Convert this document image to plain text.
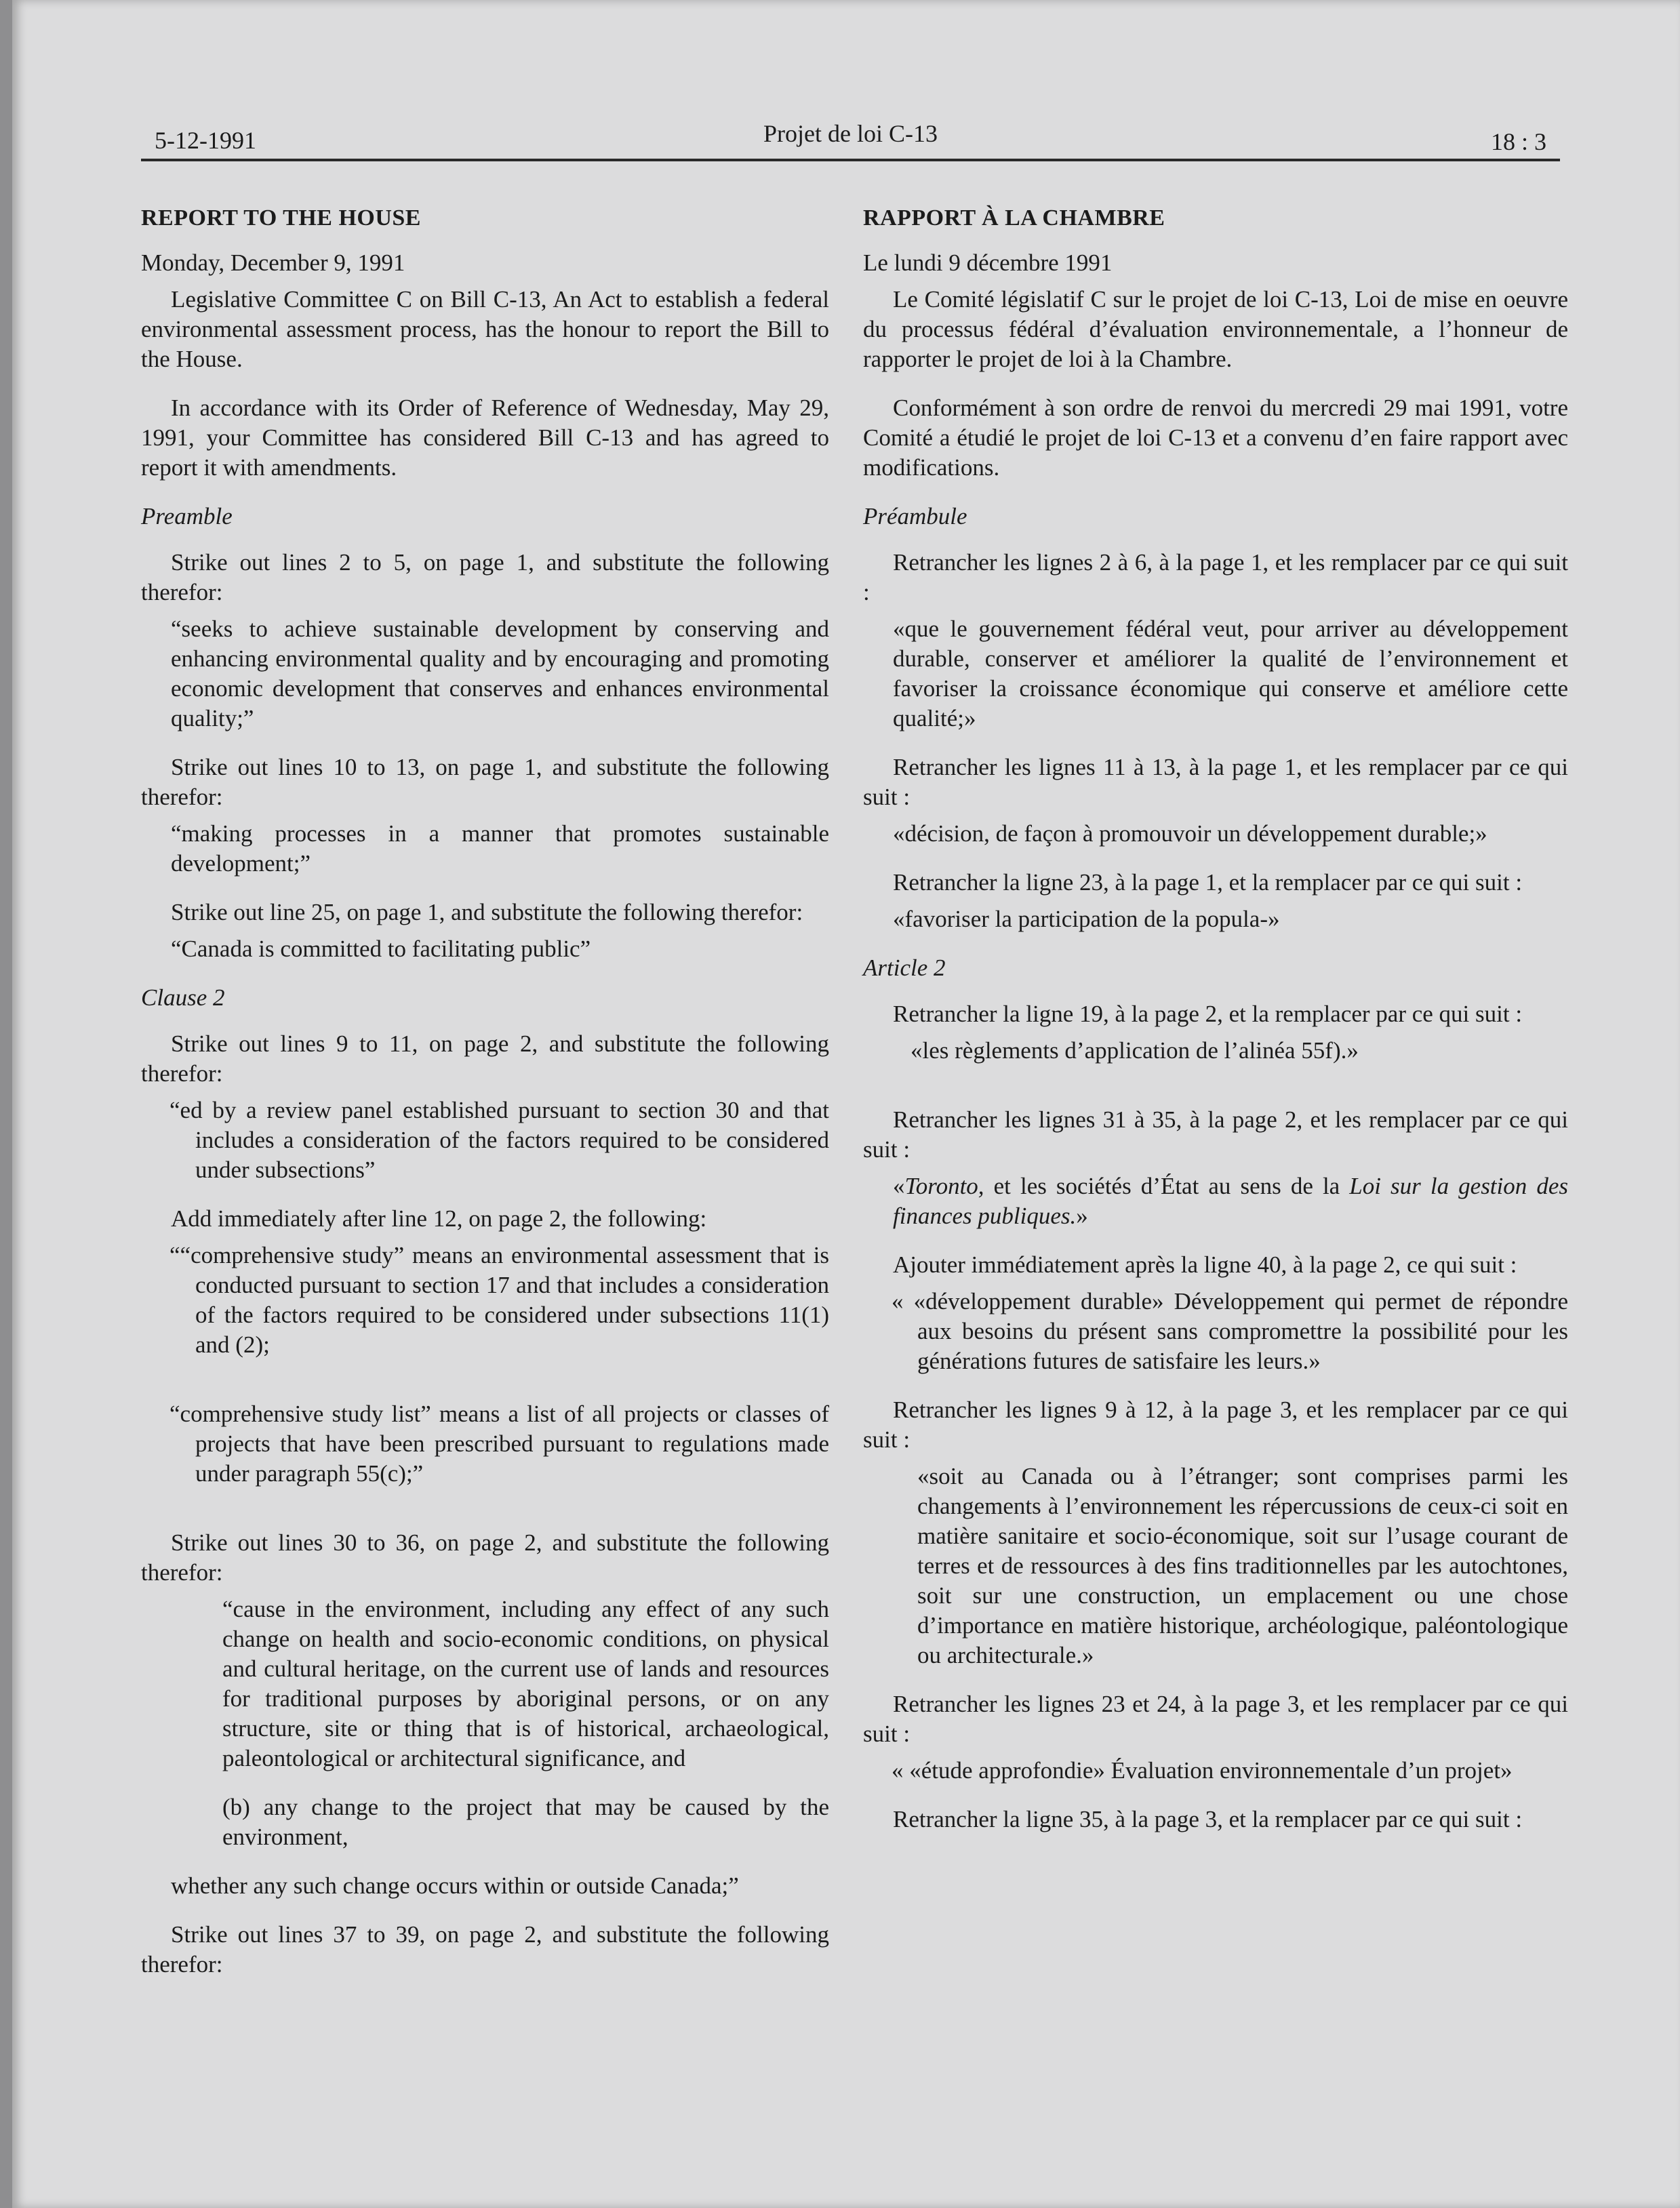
5-12-1991	Projet de loi C-13	18 : 3
REPORT TO THE HOUSE

Monday, December 9, 1991

Legislative Committee C on Bill C-13, An Act to establish a federal environmental assessment process, has the honour to report the Bill to the House.

In accordance with its Order of Reference of Wednesday, May 29, 1991, your Committee has considered Bill C-13 and has agreed to report it with amendments.

Preamble

Strike out lines 2 to 5, on page 1, and substitute the following therefor:

“seeks to achieve sustainable development by conserving and enhancing environmental quality and by encouraging and promoting economic development that conserves and enhances environmental quality;”

Strike out lines 10 to 13, on page 1, and substitute the following therefor:

“making processes in a manner that promotes sustainable development;”

Strike out line 25, on page 1, and substitute the following therefor:

“Canada is committed to facilitating public”

Clause 2

Strike out lines 9 to 11, on page 2, and substitute the following therefor:

“ed by a review panel established pursuant to section 30 and that includes a consideration of the factors required to be considered under subsections”

Add immediately after line 12, on page 2, the following:

““comprehensive study” means an environmental assessment that is conducted pursuant to section 17 and that includes a consideration of the factors required to be considered under subsections 11(1) and (2);

“comprehensive study list” means a list of all projects or classes of projects that have been prescribed pursuant to regulations made under paragraph 55(c);”

Strike out lines 30 to 36, on page 2, and substitute the following therefor:

“cause in the environment, including any effect of any such change on health and socio-economic conditions, on physical and cultural heritage, on the current use of lands and resources for traditional purposes by aboriginal persons, or on any structure, site or thing that is of historical, archaeological, paleontological or architectural significance, and

(b) any change to the project that may be caused by the environment,

whether any such change occurs within or outside Canada;”

Strike out lines 37 to 39, on page 2, and substitute the following therefor:

RAPPORT À LA CHAMBRE

Le lundi 9 décembre 1991

Le Comité législatif C sur le projet de loi C-13, Loi de mise en oeuvre du processus fédéral d’évaluation environnementale, a l’honneur de rapporter le projet de loi à la Chambre.

Conformément à son ordre de renvoi du mercredi 29 mai 1991, votre Comité a étudié le projet de loi C-13 et a convenu d’en faire rapport avec modifications.

Préambule

Retrancher les lignes 2 à 6, à la page 1, et les remplacer par ce qui suit :

«que le gouvernement fédéral veut, pour arriver au développement durable, conserver et améliorer la qualité de l’environnement et favoriser la croissance économique qui conserve et améliore cette qualité;»

Retrancher les lignes 11 à 13, à la page 1, et les remplacer par ce qui suit :

«décision, de façon à promouvoir un développement durable;»

Retrancher la ligne 23, à la page 1, et la remplacer par ce qui suit :

«favoriser la participation de la popula-»

Article 2

Retrancher la ligne 19, à la page 2, et la remplacer par ce qui suit :

«les règlements d’application de l’alinéa 55f).»

Retrancher les lignes 31 à 35, à la page 2, et les remplacer par ce qui suit :

«Toronto, et les sociétés d’État au sens de la Loi sur la gestion des finances publiques.»

Ajouter immédiatement après la ligne 40, à la page 2, ce qui suit :

« «développement durable» Développement qui permet de répondre aux besoins du présent sans compromettre la possibilité pour les générations futures de satisfaire les leurs.»

Retrancher les lignes 9 à 12, à la page 3, et les remplacer par ce qui suit :

«soit au Canada ou à l’étranger; sont comprises parmi les changements à l’environnement les répercussions de ceux-ci soit en matière sanitaire et socio-économique, soit sur l’usage courant de terres et de ressources à des fins traditionnelles par les autochtones, soit sur une construction, un emplacement ou une chose d’importance en matière historique, archéologique, paléontologique ou architecturale.»

Retrancher les lignes 23 et 24, à la page 3, et les remplacer par ce qui suit :

« «étude approfondie» Évaluation environnementale d’un projet»

Retrancher la ligne 35, à la page 3, et la remplacer par ce qui suit :
